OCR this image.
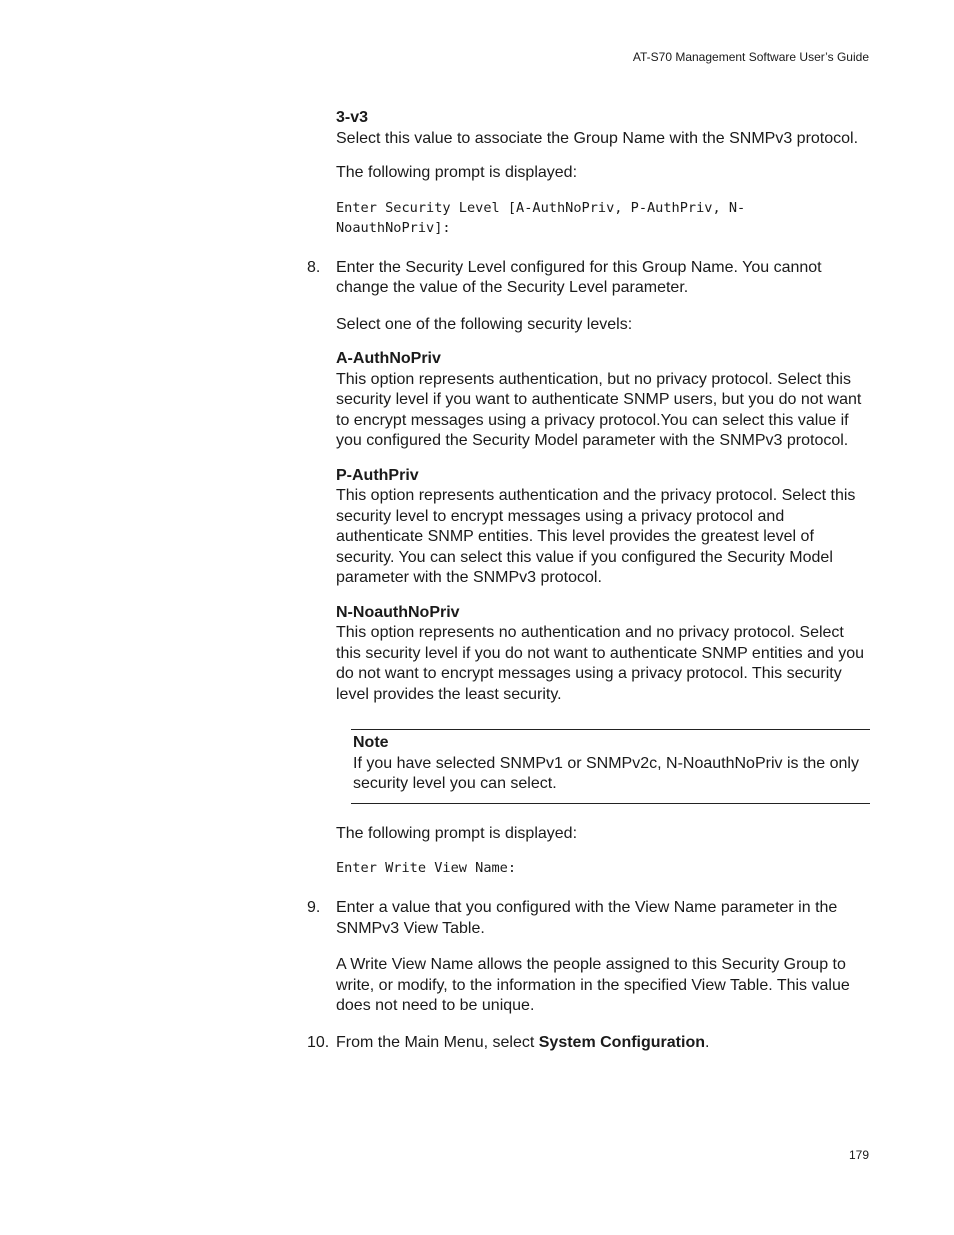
AT-S70 Management Software User’s Guide

3-v3

Select this value to associate the Group Name with the SNMPv3 protocol.

The following prompt is displayed:

Enter Security Level [A-AuthNoPriv, P-AuthPriv, N-
NoauthNoPriv]:
8. Enter the Security Level configured for this Group Name. You cannot change the value of the Security Level parameter.

Select one of the following security levels:

A-AuthNoPriv

This option represents authentication, but no privacy protocol. Select this security level if you want to authenticate SNMP users, but you do not want to encrypt messages using a privacy protocol.You can select this value if you configured the Security Model parameter with the SNMPv3 protocol.

P-AuthPriv

This option represents authentication and the privacy protocol. Select this security level to encrypt messages using a privacy protocol and authenticate SNMP entities. This level provides the greatest level of security. You can select this value if you configured the Security Model parameter with the SNMPv3 protocol.

N-NoauthNoPriv

This option represents no authentication and no privacy protocol. Select this security level if you do not want to authenticate SNMP entities and you do not want to encrypt messages using a privacy protocol. This security level provides the least security.

Note

If you have selected SNMPv1 or SNMPv2c, N-NoauthNoPriv is the only security level you can select.

The following prompt is displayed:

Enter Write View Name:
9. Enter a value that you configured with the View Name parameter in the SNMPv3 View Table.

A Write View Name allows the people assigned to this Security Group to write, or modify, to the information in the specified View Table. This value does not need to be unique.

10. From the Main Menu, select System Configuration.

179
